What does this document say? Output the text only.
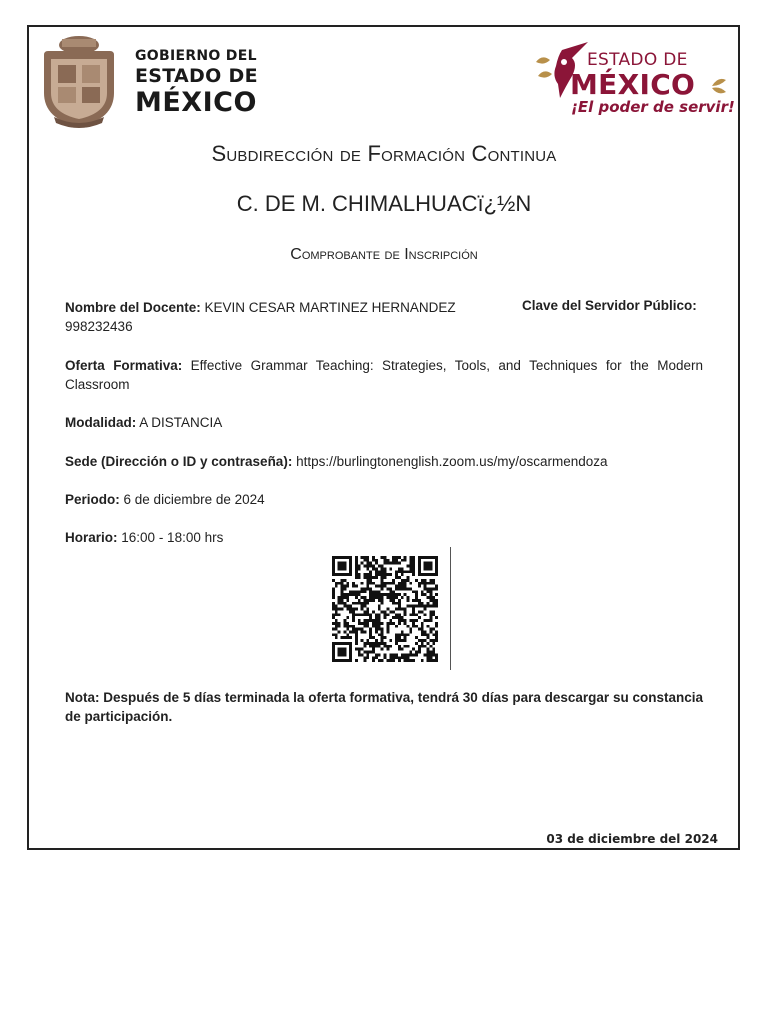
GOBIERNO DEL
ESTADO DE
MÉXICO
ESTADO DE
MÉXICO
¡El poder de servir!
Subdirección de Formación Continua
C. DE M. CHIMALHUACï¿½N
Comprobante de Inscripción
Nombre del Docente: KEVIN CESAR MARTINEZ HERNANDEZ
998232436
Clave del Servidor Público:
Oferta Formativa: Effective Grammar Teaching: Strategies, Tools, and Techniques for the Modern Classroom
Modalidad: A DISTANCIA
Sede (Dirección o ID y contraseña): https://burlingtonenglish.zoom.us/my/oscarmendoza
Periodo: 6 de diciembre de 2024
Horario: 16:00 - 18:00 hrs
Nota: Después de 5 días terminada la oferta formativa, tendrá 30 días para descargar su constancia de participación.
03 de diciembre del 2024
